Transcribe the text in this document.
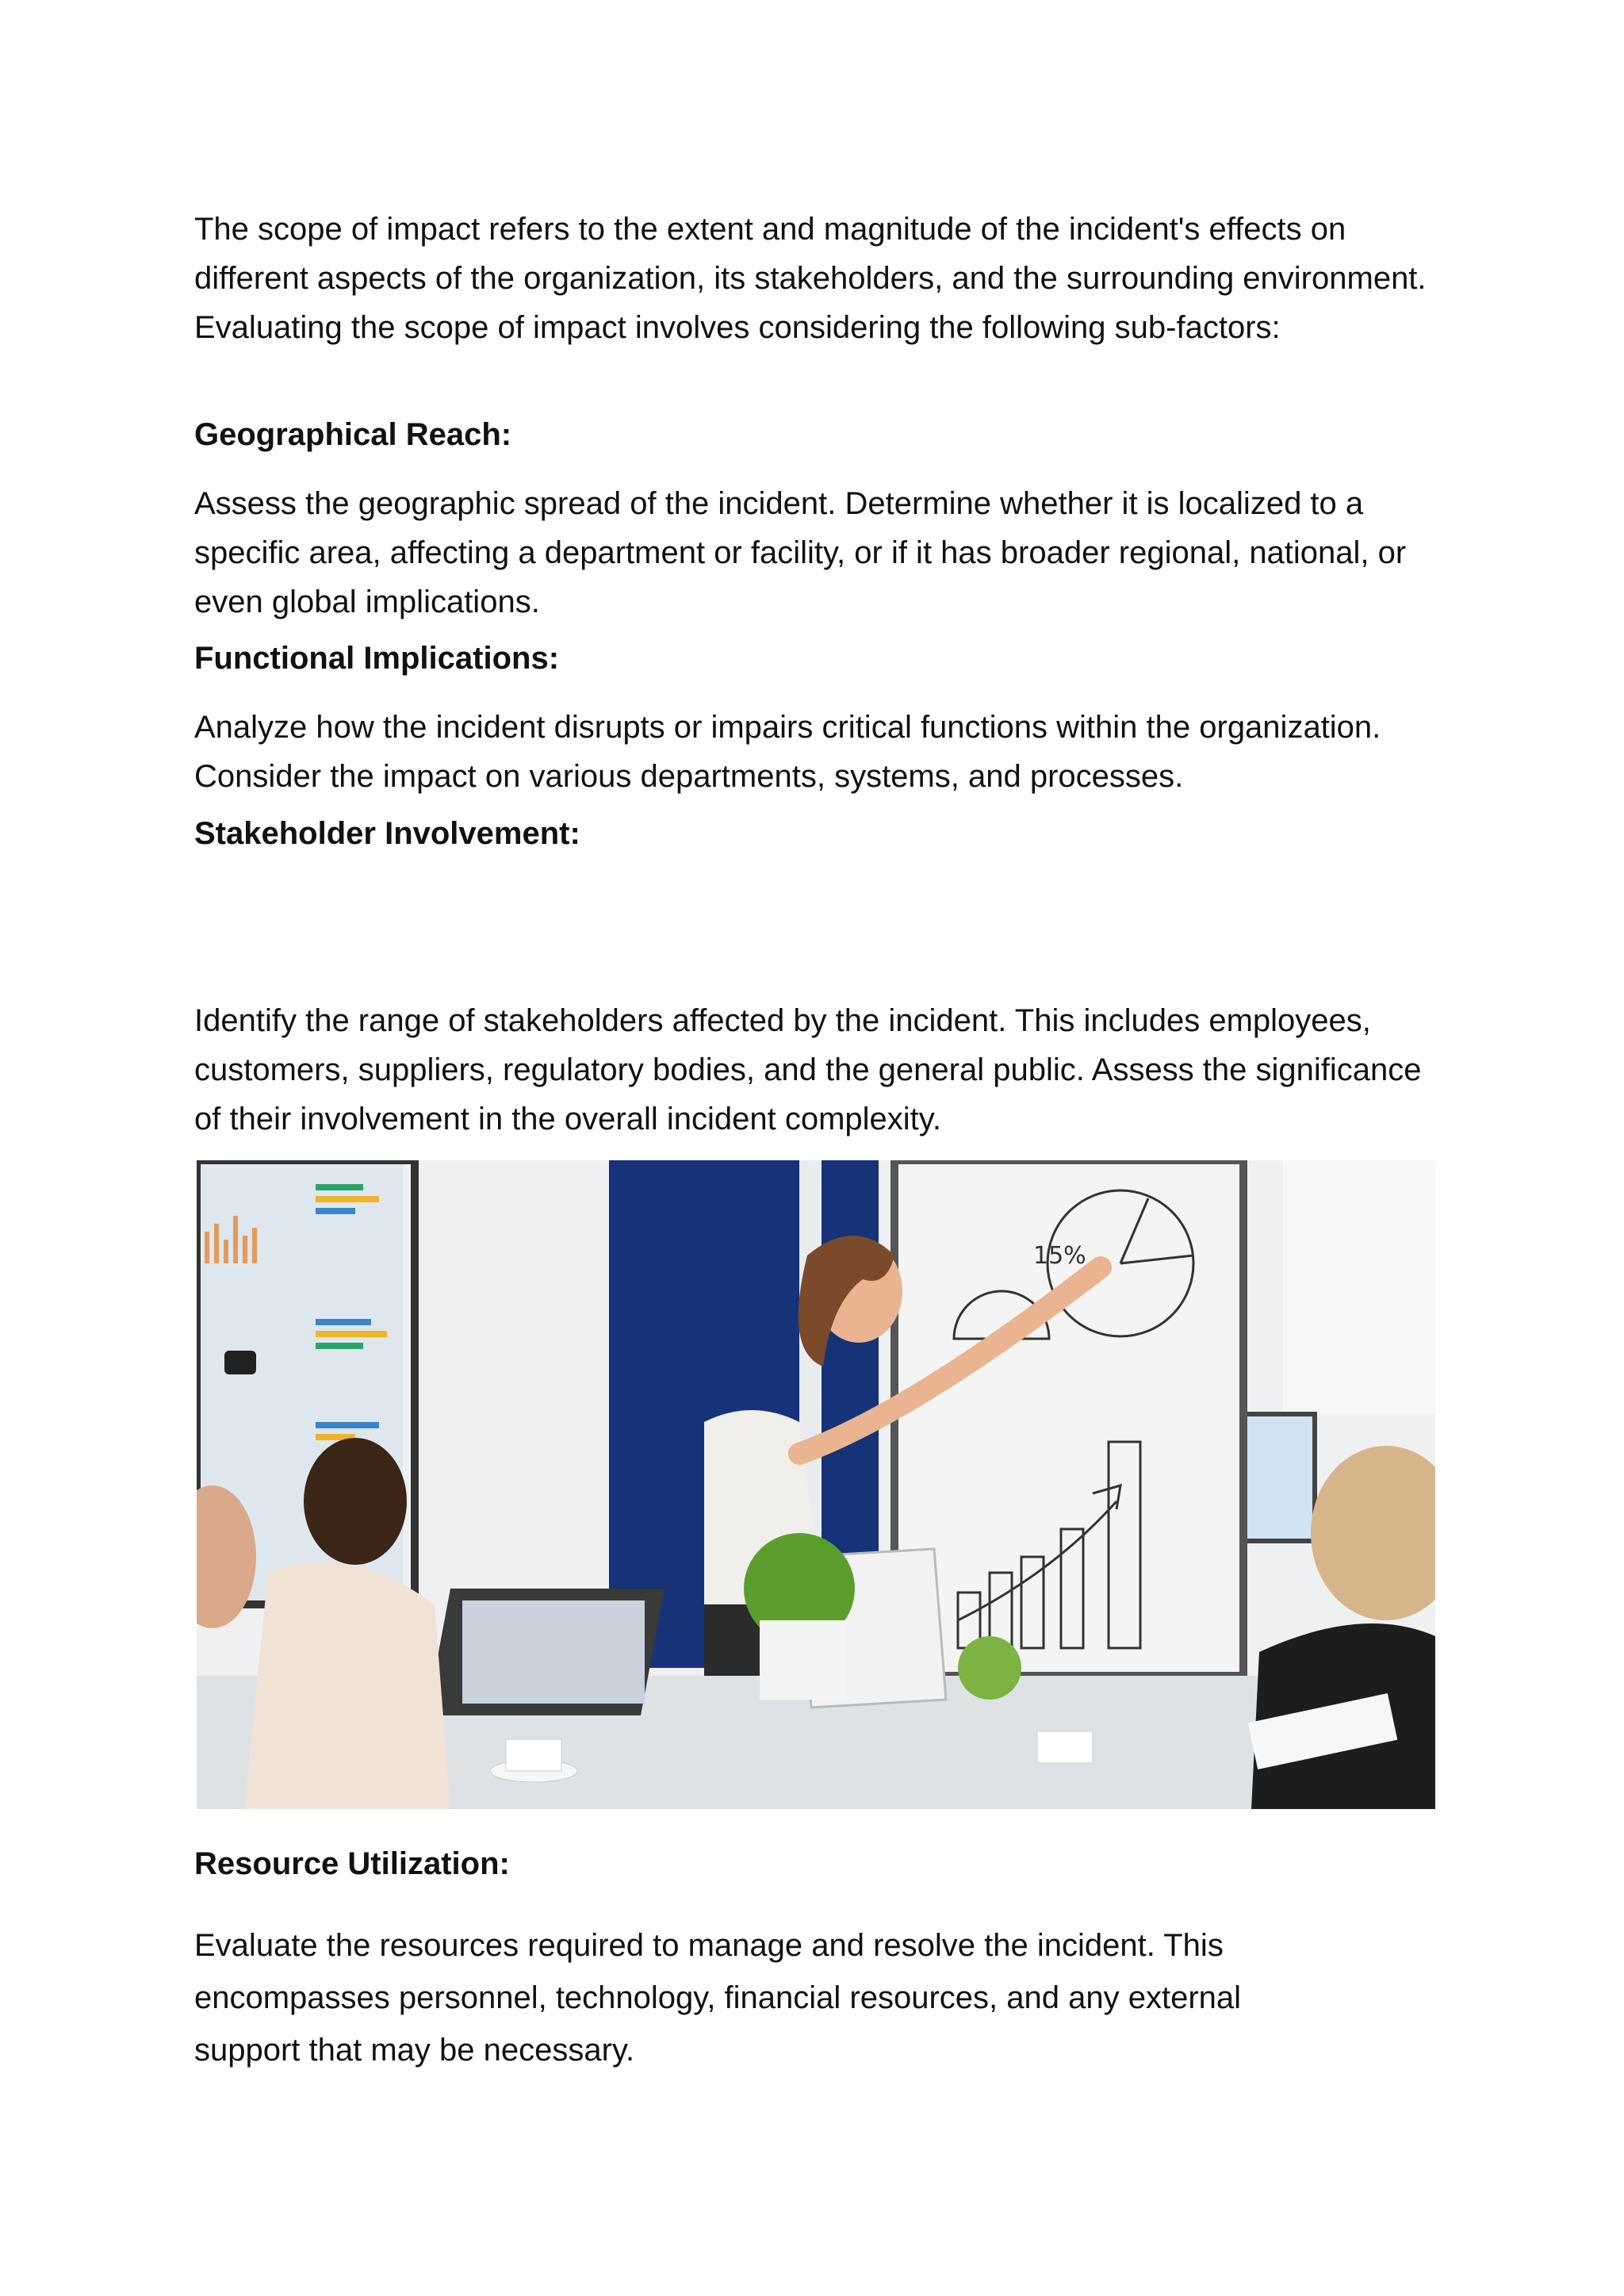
The scope of impact refers to the extent and magnitude of the incident's effects on different aspects of the organization, its stakeholders, and the surrounding environment. Evaluating the scope of impact involves considering the following sub-factors:

Geographical Reach:

Assess the geographic spread of the incident. Determine whether it is localized to a specific area, affecting a department or facility, or if it has broader regional, national, or even global implications.

Functional Implications:

Analyze how the incident disrupts or impairs critical functions within the organization. Consider the impact on various departments, systems, and processes.

Stakeholder Involvement:

Identify the range of stakeholders affected by the incident. This includes employees, customers, suppliers, regulatory bodies, and the general public. Assess the significance of their involvement in the overall incident complexity.

15%
Resource Utilization:

Evaluate the resources required to manage and resolve the incident. This encompasses personnel, technology, financial resources, and any external support that may be necessary.
